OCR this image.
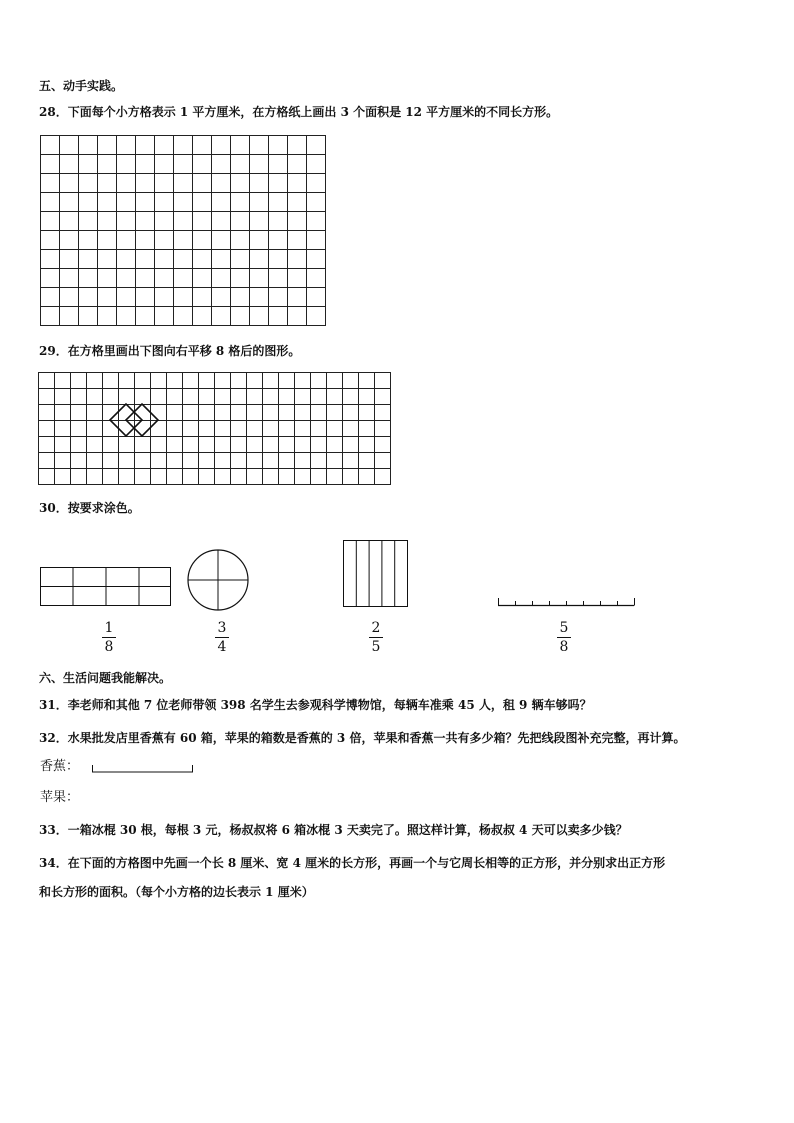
五、动手实践。
28．下面每个小方格表示 1 平方厘米，在方格纸上画出 3 个面积是 12 平方厘米的不同长方形。
29．在方格里画出下图向右平移 8 格后的图形。
30．按要求涂色。
1
8
3
4
2
5
5
8
六、生活问题我能解决。
31．李老师和其他 7 位老师带领 398 名学生去参观科学博物馆，每辆车准乘 45 人，租 9 辆车够吗？
32．水果批发店里香蕉有 60 箱，苹果的箱数是香蕉的 3 倍，苹果和香蕉一共有多少箱？先把线段图补充完整，再计算。
香蕉：
苹果：
33．一箱冰棍 30 根，每根 3 元，杨叔叔将 6 箱冰棍 3 天卖完了。照这样计算，杨叔叔 4 天可以卖多少钱？
34．在下面的方格图中先画一个长 8 厘米、宽 4 厘米的长方形，再画一个与它周长相等的正方形，并分别求出正方形
和长方形的面积。（每个小方格的边长表示 1 厘米）
